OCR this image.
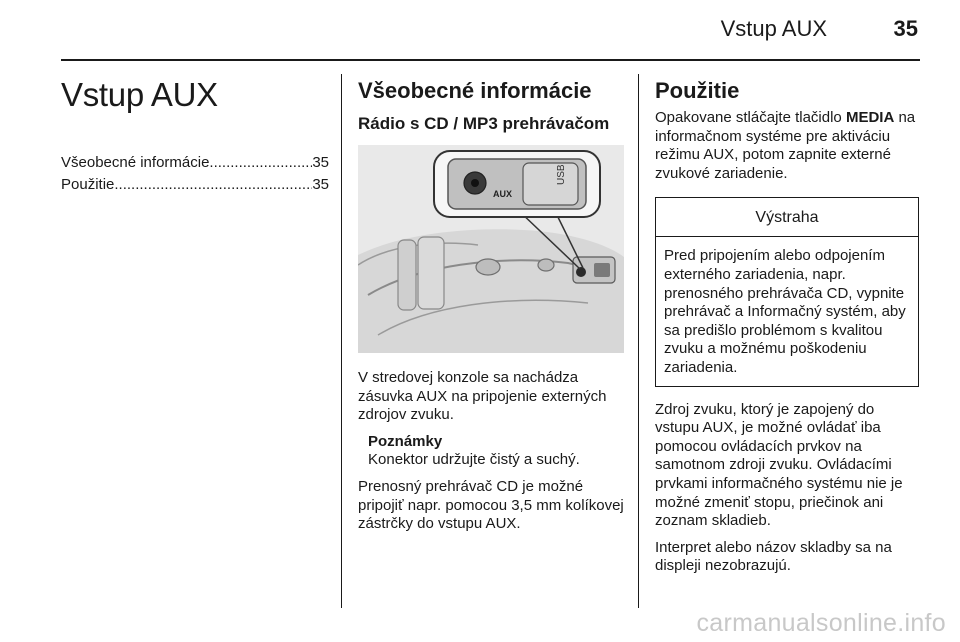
Vstup AUX	35
Vstup AUX
Všeobecné informácie .....	35
Použitie .....	35
Všeobecné informácie
Rádio s CD / MP3 prehrávačom
AUX
USB

V stredovej konzole sa nachádza zásuvka AUX na pripojenie externých zdrojov zvuku.

Poznámky

Konektor udržujte čistý a suchý.

Prenosný prehrávač CD je možné pripojiť napr. pomocou 3,5 mm kolíkovej zástrčky do vstupu AUX.

Použitie

Opakovane stláčajte tlačidlo MEDIA na informačnom systéme pre aktiváciu režimu AUX, potom zapnite externé zvukové zariadenie.

Výstraha

Pred pripojením alebo odpojením externého zariadenia, napr. prenosného prehrávača CD, vypnite prehrávač a Informačný systém, aby sa predišlo problémom s kvalitou zvuku a možnému poškodeniu zariadenia.

Zdroj zvuku, ktorý je zapojený do vstupu AUX, je možné ovládať iba pomocou ovládacích prvkov na samotnom zdroji zvuku. Ovládacími prvkami informačného systému nie je možné zmeniť stopu, priečinok ani zoznam skladieb.

Interpret alebo názov skladby sa na displeji nezobrazujú.

carmanualsonline.info
